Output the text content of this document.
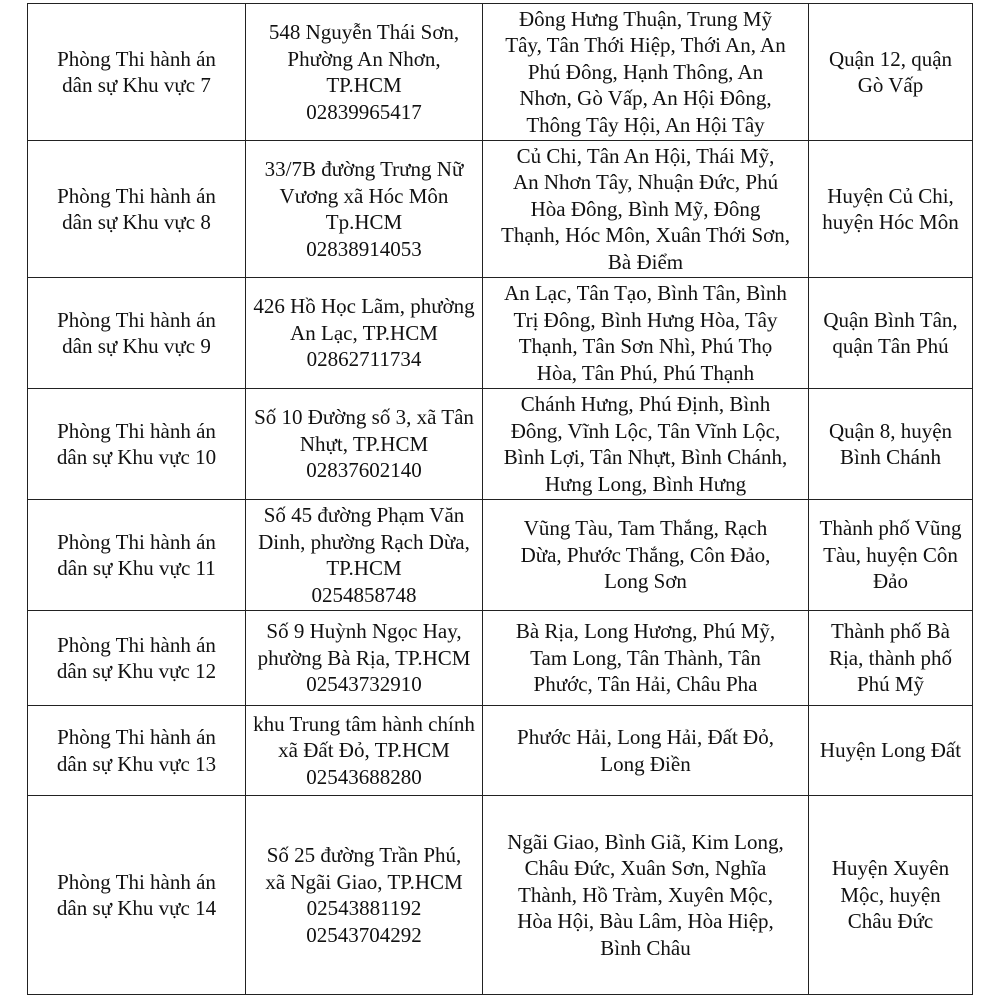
Phòng Thi hành án
dân sự Khu vực 7	548 Nguyễn Thái Sơn,
Phường An Nhơn,
TP.HCM
02839965417	Đông Hưng Thuận, Trung Mỹ
Tây, Tân Thới Hiệp, Thới An, An
Phú Đông, Hạnh Thông, An
Nhơn, Gò Vấp, An Hội Đông,
Thông Tây Hội, An Hội Tây	Quận 12, quận
Gò Vấp

Phòng Thi hành án
dân sự Khu vực 8	33/7B đường Trưng Nữ
Vương xã Hóc Môn
Tp.HCM
02838914053	Củ Chi, Tân An Hội, Thái Mỹ,
An Nhơn Tây, Nhuận Đức, Phú
Hòa Đông, Bình Mỹ, Đông
Thạnh, Hóc Môn, Xuân Thới Sơn,
Bà Điểm	Huyện Củ Chi,
huyện Hóc Môn

Phòng Thi hành án
dân sự Khu vực 9	426 Hồ Học Lãm, phường
An Lạc, TP.HCM
02862711734	An Lạc, Tân Tạo, Bình Tân, Bình
Trị Đông, Bình Hưng Hòa, Tây
Thạnh, Tân Sơn Nhì, Phú Thọ
Hòa, Tân Phú, Phú Thạnh	Quận Bình Tân,
quận Tân Phú

Phòng Thi hành án
dân sự Khu vực 10	Số 10 Đường số 3, xã Tân
Nhựt, TP.HCM
02837602140	Chánh Hưng, Phú Định, Bình
Đông, Vĩnh Lộc, Tân Vĩnh Lộc,
Bình Lợi, Tân Nhựt, Bình Chánh,
Hưng Long, Bình Hưng	Quận 8, huyện
Bình Chánh

Phòng Thi hành án
dân sự Khu vực 11	Số 45 đường Phạm Văn
Dinh, phường Rạch Dừa,
TP.HCM
0254858748	Vũng Tàu, Tam Thắng, Rạch
Dừa, Phước Thắng, Côn Đảo,
Long Sơn	Thành phố Vũng
Tàu, huyện Côn
Đảo

Phòng Thi hành án
dân sự Khu vực 12	Số 9 Huỳnh Ngọc Hay,
phường Bà Rịa, TP.HCM
02543732910	Bà Rịa, Long Hương, Phú Mỹ,
Tam Long, Tân Thành, Tân
Phước, Tân Hải, Châu Pha	Thành phố Bà
Rịa, thành phố
Phú Mỹ

Phòng Thi hành án
dân sự Khu vực 13	khu Trung tâm hành chính
xã Đất Đỏ, TP.HCM
02543688280	Phước Hải, Long Hải, Đất Đỏ,
Long Điền	Huyện Long Đất

Phòng Thi hành án
dân sự Khu vực 14	Số 25 đường Trần Phú,
xã Ngãi Giao, TP.HCM
02543881192
02543704292	Ngãi Giao, Bình Giã, Kim Long,
Châu Đức, Xuân Sơn, Nghĩa
Thành, Hồ Tràm, Xuyên Mộc,
Hòa Hội, Bàu Lâm, Hòa Hiệp,
Bình Châu	Huyện Xuyên
Mộc, huyện
Châu Đức
